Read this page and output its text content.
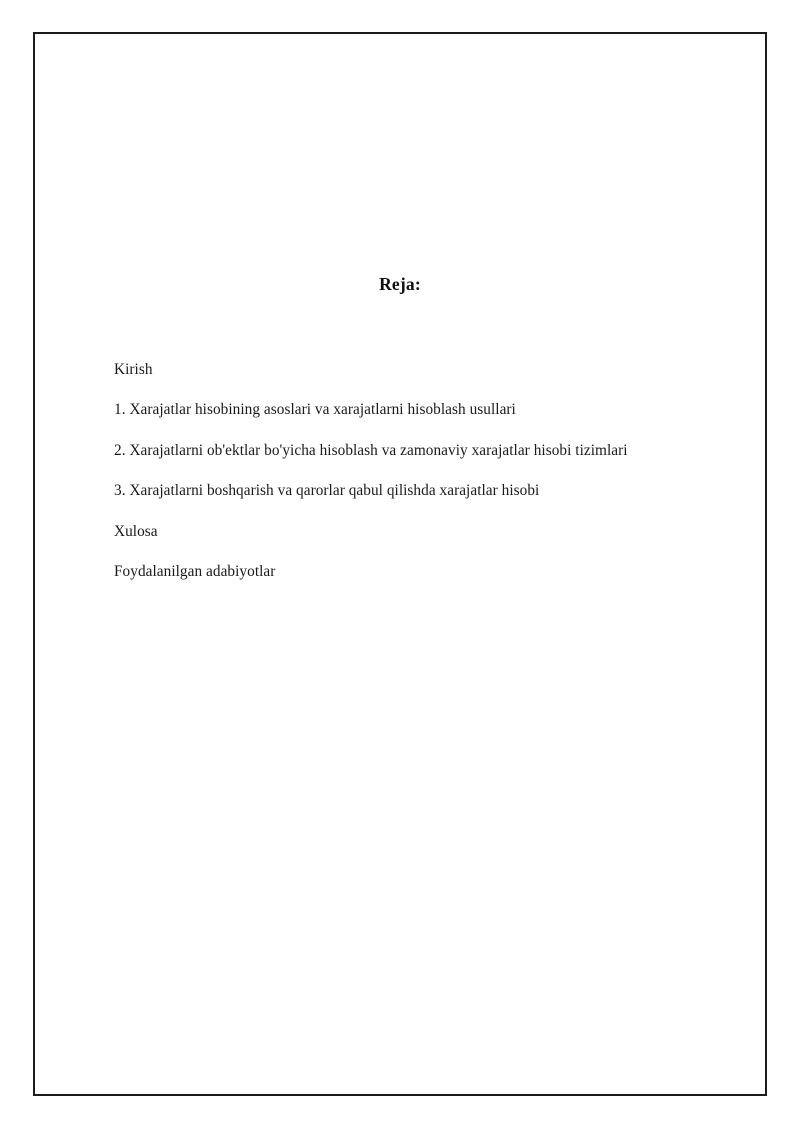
Reja:
Kirish
1. Xarajatlar hisobining asoslari va xarajatlarni hisoblash usullari
2. Xarajatlarni ob'ektlar bo'yicha hisoblash va zamonaviy xarajatlar hisobi tizimlari
3. Xarajatlarni boshqarish va qarorlar qabul qilishda xarajatlar hisobi
Xulosa
Foydalanilgan adabiyotlar
